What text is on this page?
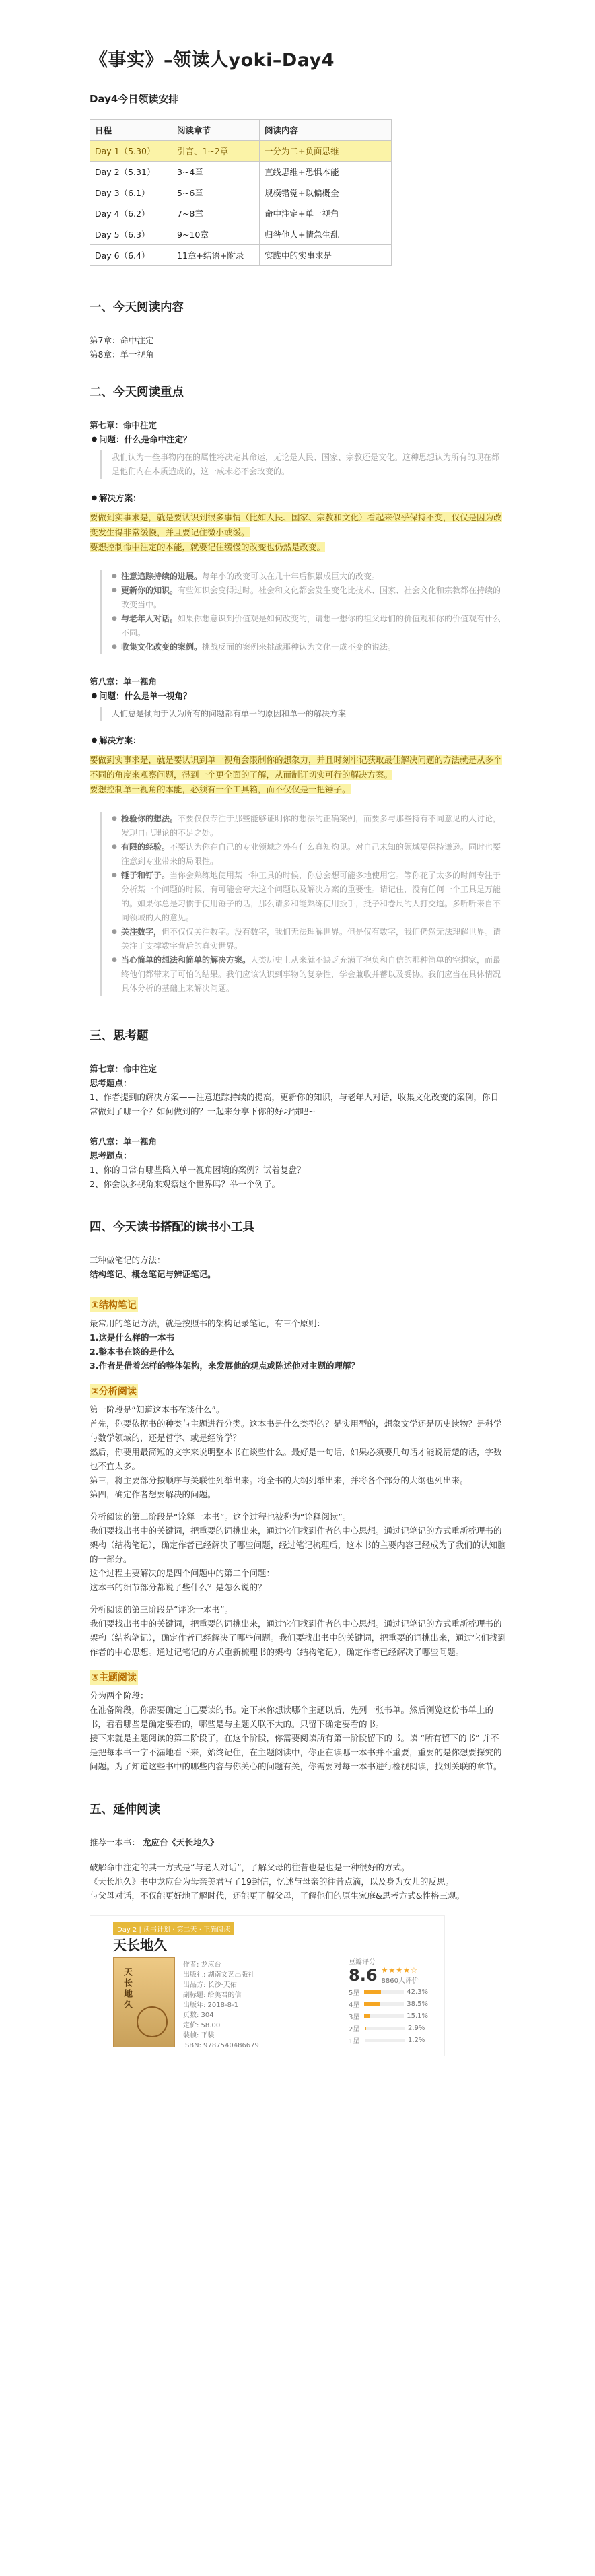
《事实》–领读人yoki–Day4
Day4今日领读安排
日程	阅读章节	阅读内容
Day 1（5.30）	引言、1~2章	一分为二+负面思维
Day 2（5.31）	3~4章	直线思维+恐惧本能
Day 3（6.1）	5~6章	规模错觉+以偏概全
Day 4（6.2）	7~8章	命中注定+单一视角
Day 5（6.3）	9~10章	归咎他人+情急生乱
Day 6（6.4）	11章+结语+附录	实践中的实事求是
一、今天阅读内容
第7章：命中注定
第8章：单一视角
二、今天阅读重点
第七章：命中注定
● 问题： 什么是命中注定？
我们认为一些事物内在的属性将决定其命运，无论是人民、国家、宗教还是文化。这种思想认为所有的现在都是他们内在本质造成的，这一成未必不会改变的。
● 解决方案：
要做到实事求是，就是要认识到很多事情（比如人民、国家、宗教和文化）看起来似乎保持不变，仅仅是因为改变发生得非常缓慢，并且要记住微小或缓。
要想控制命中注定的本能，就要记住缓慢的改变也仍然是改变。
● 注意追踪持续的进展。每年小的改变可以在几十年后积累成巨大的改变。
● 更新你的知识。有些知识会变得过时。社会和文化都会发生变化比技术、国家、社会文化和宗教都在持续的改变当中。
● 与老年人对话。如果你想意识到价值观是如何改变的，请想一想你的祖父母们的价值观和你的价值观有什么不同。
● 收集文化改变的案例。挑战反面的案例来挑战那种认为文化一成不变的说法。
第八章：单一视角
● 问题： 什么是单一视角？
人们总是倾向于认为所有的问题都有单一的原因和单一的解决方案
● 解决方案：
要做到实事求是，就是要认识到单一视角会限制你的想象力，并且时刻牢记获取最佳解决问题的方法就是从多个不同的角度来观察问题，得到一个更全面的了解，从而制订切实可行的解决方案。
要想控制单一视角的本能，必须有一个工具箱，而不仅仅是一把锤子。
● 检验你的想法。不要仅仅专注于那些能够证明你的想法的正确案例，而要多与那些持有不同意见的人讨论，发现自己理论的不足之处。
● 有限的经验。不要认为你在自己的专业领域之外有什么真知灼见。对自己未知的领域要保持谦逊。同时也要注意到专业带来的局限性。
● 锤子和钉子。当你会熟练地使用某一种工具的时候，你总会想可能多地使用它。等你花了太多的时间专注于分析某一个问题的时候，有可能会夸大这个问题以及解决方案的重要性。请记住，没有任何一个工具是万能的。如果你总是习惯于使用锤子的话，那么请多和能熟练使用扳手，抵子和卷尺的人打交道。多听听来自不同领域的人的意见。
● 关注数字，但不仅仅关注数字。没有数字，我们无法理解世界。但是仅有数字，我们仍然无法理解世界。请关注于支撑数字背后的真实世界。
● 当心简单的想法和简单的解决方案。人类历史上从来就不缺乏充满了抱负和自信的那种简单的空想家，而最终他们都带来了可怕的结果。我们应该认识到事物的复杂性，学会兼收并蓄以及妥协。我们应当在具体情况具体分析的基础上来解决问题。
三、思考题
第七章：命中注定
思考题点：
1、作者提到的解决方案——注意追踪持续的提高，更新你的知识，与老年人对话，收集文化改变的案例，你日常做到了哪一个？如何做到的？一起来分享下你的好习惯吧~
第八章：单一视角
思考题点：
1、你的日常有哪些陷入单一视角困境的案例？试着复盘？
2、你会以多视角来观察这个世界吗？举一个例子。
四、今天读书搭配的读书小工具
三种做笔记的方法：
结构笔记、概念笔记与辨证笔记。
①结构笔记
最常用的笔记方法，就是按照书的架构记录笔记，有三个原则：
1.这是什么样的一本书
2.整本书在谈的是什么
3.作者是借着怎样的整体架构，来发展他的观点或陈述他对主题的理解？
②分析阅读
第一阶段是“知道这本书在谈什么”。
首先，你要依据书的种类与主题进行分类。这本书是什么类型的？是实用型的，想象文学还是历史读物？是科学与数学领域的，还是哲学、或是经济学？
然后，你要用最简短的文字来说明整本书在谈些什么。最好是一句话，如果必须要几句话才能说清楚的话，字数也不宜太多。
第三，将主要部分按顺序与关联性列举出来。将全书的大纲列举出来，并将各个部分的大纲也列出来。
第四，确定作者想要解决的问题。
分析阅读的第二阶段是“诠释一本书”。这个过程也被称为“诠释阅读”。
我们要找出书中的关键词，把重要的词挑出来，通过它们找到作者的中心思想。通过记笔记的方式重新梳理书的架构（结构笔记），确定作者已经解决了哪些问题，经过笔记梳理后，这本书的主要内容已经成为了我们的认知脑的一部分。
这个过程主要解决的是四个问题中的第二个问题：
这本书的细节部分都说了些什么？是怎么说的？
分析阅读的第三阶段是“评论一本书”。
我们要找出书中的关键词，把重要的词挑出来，通过它们找到作者的中心思想。通过记笔记的方式重新梳理书的架构（结构笔记），确定作者已经解决了哪些问题。我们要找出书中的关键词，把重要的词挑出来，通过它们找到作者的中心思想。通过记笔记的方式重新梳理书的架构（结构笔记），确定作者已经解决了哪些问题。
③主题阅读
分为两个阶段：
在准备阶段，你需要确定自己要读的书。定下来你想读哪个主题以后，先列一张书单。然后浏览这份书单上的书，看看哪些是确定要看的，哪些是与主题关联不大的。只留下确定要看的书。
接下来就是主题阅读的第二阶段了，在这个阶段，你需要阅读所有第一阶段留下的书。读 “所有留下的书” 并不是把每本书一字不漏地看下来，始终记住，在主题阅读中，你正在读哪一本书并不重要，重要的是你想要探究的问题。为了知道这些书中的哪些内容与你关心的问题有关，你需要对每一本书进行检视阅读，找到关联的章节。
五、延伸阅读
推荐一本书： 龙应台《天长地久》
破解命中注定的其一方式是“与老人对话”，了解父母的往昔也是也是一种很好的方式。
《天长地久》书中龙应台为母亲美君写了19封信，忆述与母亲的往昔点滴，以及身为女儿的反思。
与父母对话，不仅能更好地了解时代，还能更了解父母，了解他们的原生家庭&思考方式&性格三观。
Day 2 | 读书计划 · 第二天 · 正确阅读
天长地久
天长地久
作者: 龙应台
出版社: 湖南文艺出版社
出品方: 长沙·天佑
副标题: 给美君的信
出版年: 2018-8-1
页数: 304
定价: 58.00
装帧: 平装
ISBN: 9787540486679
豆瓣评分
8.6 ★★★★☆
8860人评价
5星	42.3%
4星	38.5%
3星	15.1%
2星	2.9%
1星	1.2%
